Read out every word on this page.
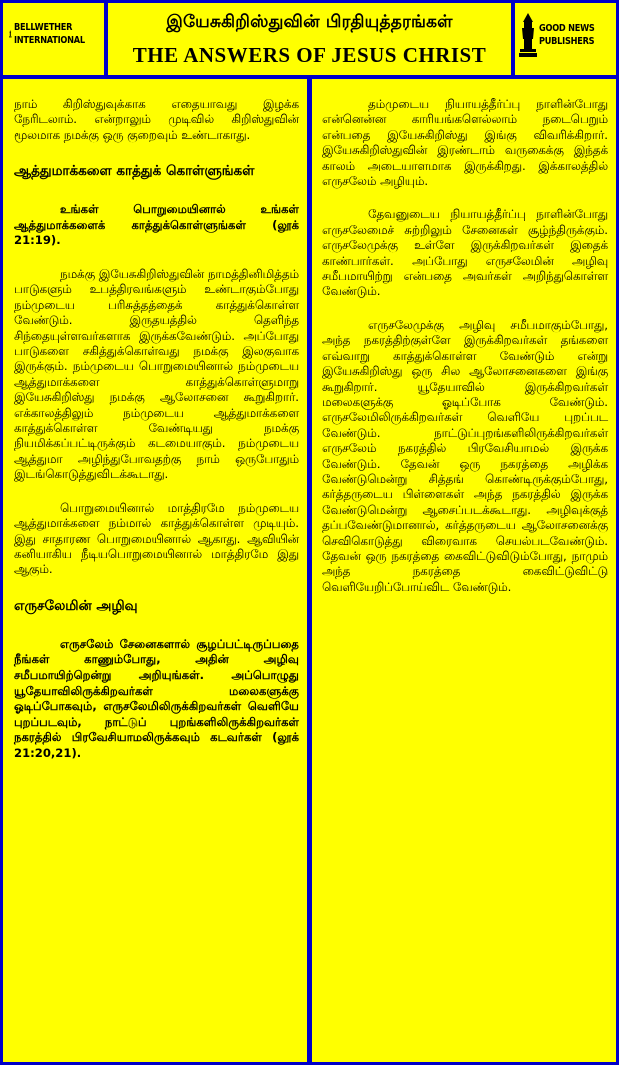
BELLWETHER
INTERNATIONAL
இயேசுகிறிஸ்துவின் பிரதியுத்தரங்கள்
THE ANSWERS OF JESUS CHRIST
GOOD NEWS
PUBLISHERS

நாம் கிறிஸ்துவுக்காக எதையாவது இழக்க நேரிடலாம். என்றாலும் முடிவில் கிறிஸ்துவின் மூலமாக நமக்கு ஒரு குறைவும் உண்டாகாது.

ஆத்துமாக்களை காத்துக் கொள்ளுங்கள்

உங்கள் பொறுமையினால் உங்கள் ஆத்துமாக்களைக் காத்துக்கொள்ளுங்கள் (லூக் 21:19).

நமக்கு இயேசுகிறிஸ்துவின் நாமத்தினிமித்தம் பாடுகளும் உபத்திரவங்களும் உண்டாகும்போது நம்முடைய பரிசுத்தத்தைக் காத்துக்கொள்ள வேண்டும். இருதயத்தில் தெளிந்த சிந்தையுள்ளவர்களாக இருக்கவேண்டும். அப்போது பாடுகளை சகித்துக்கொள்வது நமக்கு இலகுவாக இருக்கும். நம்முடைய பொறுமையினால் நம்முடைய ஆத்துமாக்களை காத்துக்கொள்ளுமாறு இயேசுகிறிஸ்து நமக்கு ஆலோசனை கூறுகிறார். எக்காலத்திலும் நம்முடைய ஆத்துமாக்களை காத்துக்கொள்ள வேண்டியது நமக்கு நியமிக்கப்பட்டிருக்கும் கடமையாகும். நம்முடைய ஆத்துமா அழிந்துபோவதற்கு நாம் ஒருபோதும் இடங்கொடுத்துவிடக்கூடாது.

பொறுமையினால் மாத்திரமே நம்முடைய ஆத்துமாக்களை நம்மால் காத்துக்கொள்ள முடியும். இது சாதாரண பொறுமையினால் ஆகாது. ஆவியின் கனியாகிய நீடியபொறுமையினால் மாத்திரமே இது ஆகும்.

எருசலேமின் அழிவு

எருசலேம் சேனைகளால் சூழப்பட்டிருப்பதை நீங்கள் காணும்போது, அதின் அழிவு சமீபமாயிற்றென்று அறியுங்கள். அப்பொழுது யூதேயாவிலிருக்கிறவர்கள் மலைகளுக்கு ஓடிப்போகவும், எருசலேமிலிருக்கிறவர்கள் வெளியே புறப்படவும், நாட்டுப் புறங்களிலிருக்கிறவர்கள் நகரத்தில் பிரவேசியாமலிருக்கவும் கடவர்கள் (லூக் 21:20,21).

தம்முடைய நியாயத்தீர்ப்பு நாளின்போது என்னென்ன காரியங்களெல்லாம் நடைபெறும் என்பதை இயேசுகிறிஸ்து இங்கு விவரிக்கிறார். இயேசுகிறிஸ்துவின் இரண்டாம் வருகைக்கு இந்தக் காலம் அடையாளமாக இருக்கிறது. இக்காலத்தில் எருசலேம் அழியும்.

தேவனுடைய நியாயத்தீர்ப்பு நாளின்போது எருசலேமைச் சுற்றிலும் சேனைகள் சூழ்ந்திருக்கும். எருசலேமுக்கு உள்ளே இருக்கிறவர்கள் இதைக் காண்பார்கள். அப்போது எருசலேமின் அழிவு சமீபமாயிற்று என்பதை அவர்கள் அறிந்துகொள்ள வேண்டும்.

எருசலேமுக்கு அழிவு சமீபமாகும்போது, அந்த நகரத்திற்குள்ளே இருக்கிறவர்கள் தங்களை எவ்வாறு காத்துக்கொள்ள வேண்டும் என்று இயேசுகிறிஸ்து ஒரு சில ஆலோசனைகளை இங்கு கூறுகிறார். யூதேயாவில் இருக்கிறவர்கள் மலைகளுக்கு ஓடிப்போக வேண்டும். எருசலேமிலிருக்கிறவர்கள் வெளியே புறப்பட வேண்டும். நாட்டுப்புறங்களிலிருக்கிறவர்கள் எருசலேம் நகரத்தில் பிரவேசியாமல் இருக்க வேண்டும். தேவன் ஒரு நகரத்தை அழிக்க வேண்டுமென்று சித்தங் கொண்டிருக்கும்போது, கர்த்தருடைய பிள்ளைகள் அந்த நகரத்தில் இருக்க வேண்டுமென்று ஆசைப்படக்கூடாது. அழிவுக்குத் தப்பவேண்டுமானால், கர்த்தருடைய ஆலோசனைக்கு செவிகொடுத்து விரைவாக செயல்படவேண்டும். தேவன் ஒரு நகரத்தை கைவிட்டுவிடும்போது, நாமும் அந்த நகரத்தை கைவிட்டுவிட்டு வெளியேறிப்போய்விட வேண்டும்.
